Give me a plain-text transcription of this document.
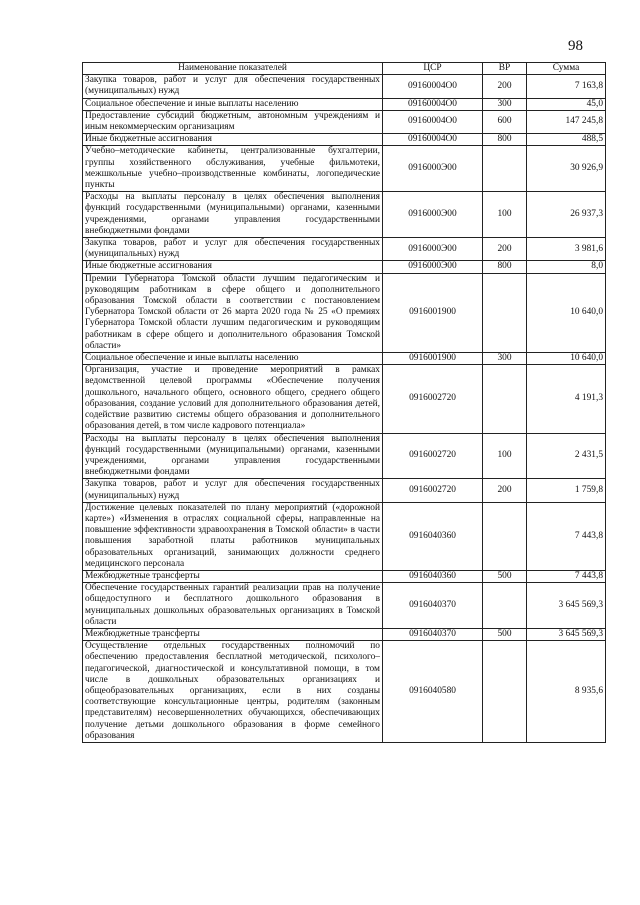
98
Наименование показателей	ЦСР	ВР	Сумма
Закупка товаров, работ и услуг для обеспечения государственных (муниципальных) нужд	09160004О0	200	7 163,8
Социальное обеспечение и иные выплаты населению	09160004О0	300	45,0
Предоставление субсидий бюджетным, автономным учреждениям и иным некоммерческим организациям	09160004О0	600	147 245,8
Иные бюджетные ассигнования	09160004О0	800	488,5
Учебно–методические кабинеты, централизованные бухгалтерии, группы хозяйственного обслуживания, учебные фильмотеки, межшкольные учебно–производственные комбинаты, логопедические пункты	0916000Э00		30 926,9
Расходы на выплаты персоналу в целях обеспечения выполнения функций государственными (муниципальными) органами, казенными учреждениями, органами управления государственными внебюджетными фондами	0916000Э00	100	26 937,3
Закупка товаров, работ и услуг для обеспечения государственных (муниципальных) нужд	0916000Э00	200	3 981,6
Иные бюджетные ассигнования	0916000Э00	800	8,0
Премии Губернатора Томской области лучшим педагогическим и руководящим работникам в сфере общего и дополнительного образования Томской области в соответствии с постановлением Губернатора Томской области от 26 марта 2020 года № 25 «О премиях Губернатора Томской области лучшим педагогическим и руководящим работникам в сфере общего и дополнительного образования Томской области»	0916001900		10 640,0
Социальное обеспечение и иные выплаты населению	0916001900	300	10 640,0
Организация, участие и проведение мероприятий в рамках ведомственной целевой программы «Обеспечение получения дошкольного, начального общего, основного общего, среднего общего образования, создание условий для дополнительного образования детей, содействие развитию системы общего образования и дополнительного образования детей, в том числе кадрового потенциала»	0916002720		4 191,3
Расходы на выплаты персоналу в целях обеспечения выполнения функций государственными (муниципальными) органами, казенными учреждениями, органами управления государственными внебюджетными фондами	0916002720	100	2 431,5
Закупка товаров, работ и услуг для обеспечения государственных (муниципальных) нужд	0916002720	200	1 759,8
Достижение целевых показателей по плану мероприятий («дорожной карте») «Изменения в отраслях социальной сферы, направленные на повышение эффективности здравоохранения в Томской области» в части повышения заработной платы работников муниципальных образовательных организаций, занимающих должности среднего медицинского персонала	0916040360		7 443,8
Межбюджетные трансферты	0916040360	500	7 443,8
Обеспечение государственных гарантий реализации прав на получение общедоступного и бесплатного дошкольного образования в муниципальных дошкольных образовательных организациях в Томской области	0916040370		3 645 569,3
Межбюджетные трансферты	0916040370	500	3 645 569,3
Осуществление отдельных государственных полномочий по обеспечению предоставления бесплатной методической, психолого–педагогической, диагностической и консультативной помощи, в том числе в дошкольных образовательных организациях и общеобразовательных организациях, если в них созданы соответствующие консультационные центры, родителям (законным представителям) несовершеннолетних обучающихся, обеспечивающих получение детьми дошкольного образования в форме семейного образования	0916040580		8 935,6
